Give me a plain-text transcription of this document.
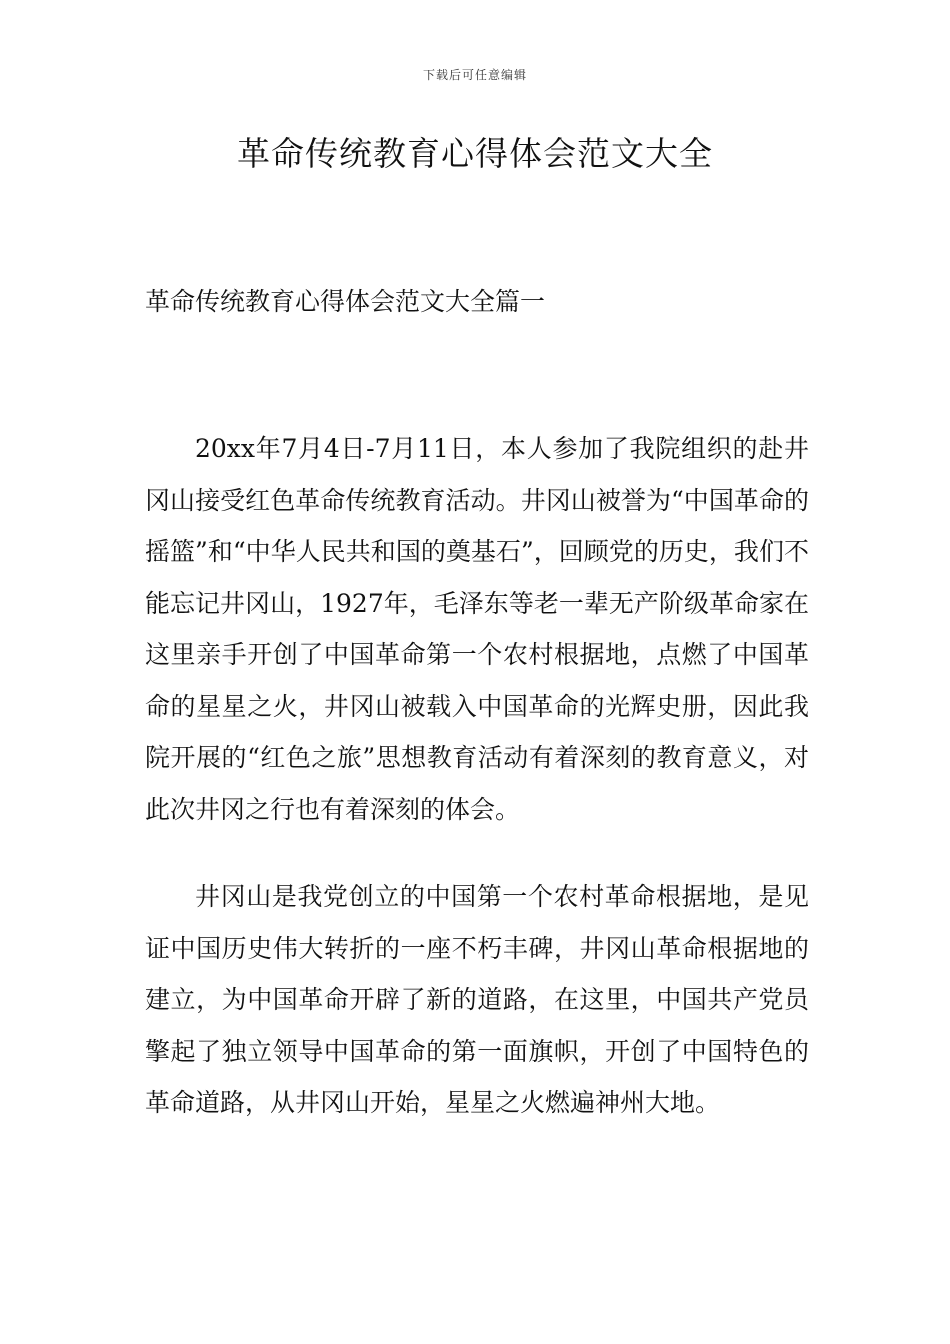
下载后可任意编辑
革命传统教育心得体会范文大全
革命传统教育心得体会范文大全篇一

20xx年7月4日-7月11日，本人参加了我院组织的赴井冈山接受红色革命传统教育活动。井冈山被誉为“中国革命的摇篮”和“中华人民共和国的奠基石”，回顾党的历史，我们不能忘记井冈山，1927年，毛泽东等老一辈无产阶级革命家在这里亲手开创了中国革命第一个农村根据地，点燃了中国革命的星星之火，井冈山被载入中国革命的光辉史册，因此我院开展的“红色之旅”思想教育活动有着深刻的教育意义，对此次井冈之行也有着深刻的体会。

井冈山是我党创立的中国第一个农村革命根据地，是见证中国历史伟大转折的一座不朽丰碑，井冈山革命根据地的建立，为中国革命开辟了新的道路，在这里，中国共产党员擎起了独立领导中国革命的第一面旗帜，开创了中国特色的革命道路，从井冈山开始，星星之火燃遍神州大地。
